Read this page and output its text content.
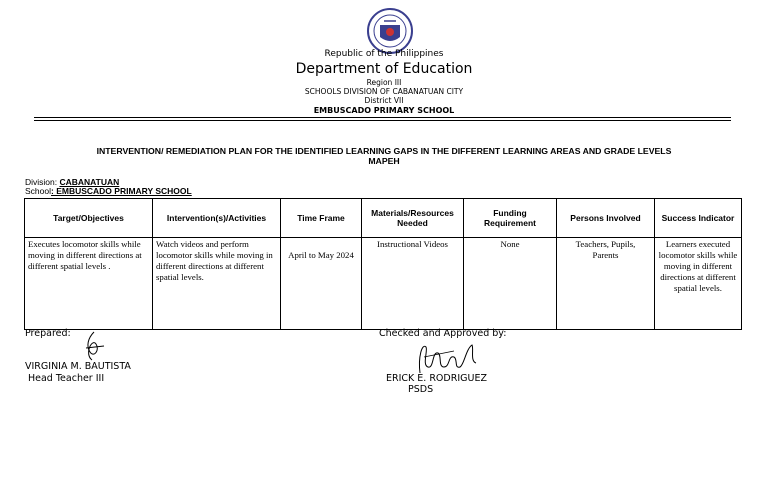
Republic of the Philippines
Department of Education
Region III
SCHOOLS DIVISION OF CABANATUAN CITY
District VII
EMBUSCADO PRIMARY SCHOOL
INTERVENTION/ REMEDIATION PLAN FOR THE IDENTIFIED LEARNING GAPS IN THE DIFFERENT LEARNING AREAS AND GRADE LEVELS
MAPEH
Division: CABANATUAN
School: EMBUSCADO PRIMARY SCHOOL
Target/Objectives	Intervention(s)/Activities	Time Frame	Materials/Resources Needed	Funding Requirement	Persons Involved	Success Indicator
Executes locomotor skills while moving in different directions at different spatial levels .	Watch videos and perform locomotor skills while moving in different directions at different spatial levels.	April to May 2024	Instructional Videos	None	Teachers, Pupils, Parents	Learners executed locomotor skills while moving in different directions at different spatial levels.
Prepared:
VIRGINIA M. BAUTISTA
Head Teacher III
Checked and Approved by:
ERICK E. RODRIGUEZ
PSDS
